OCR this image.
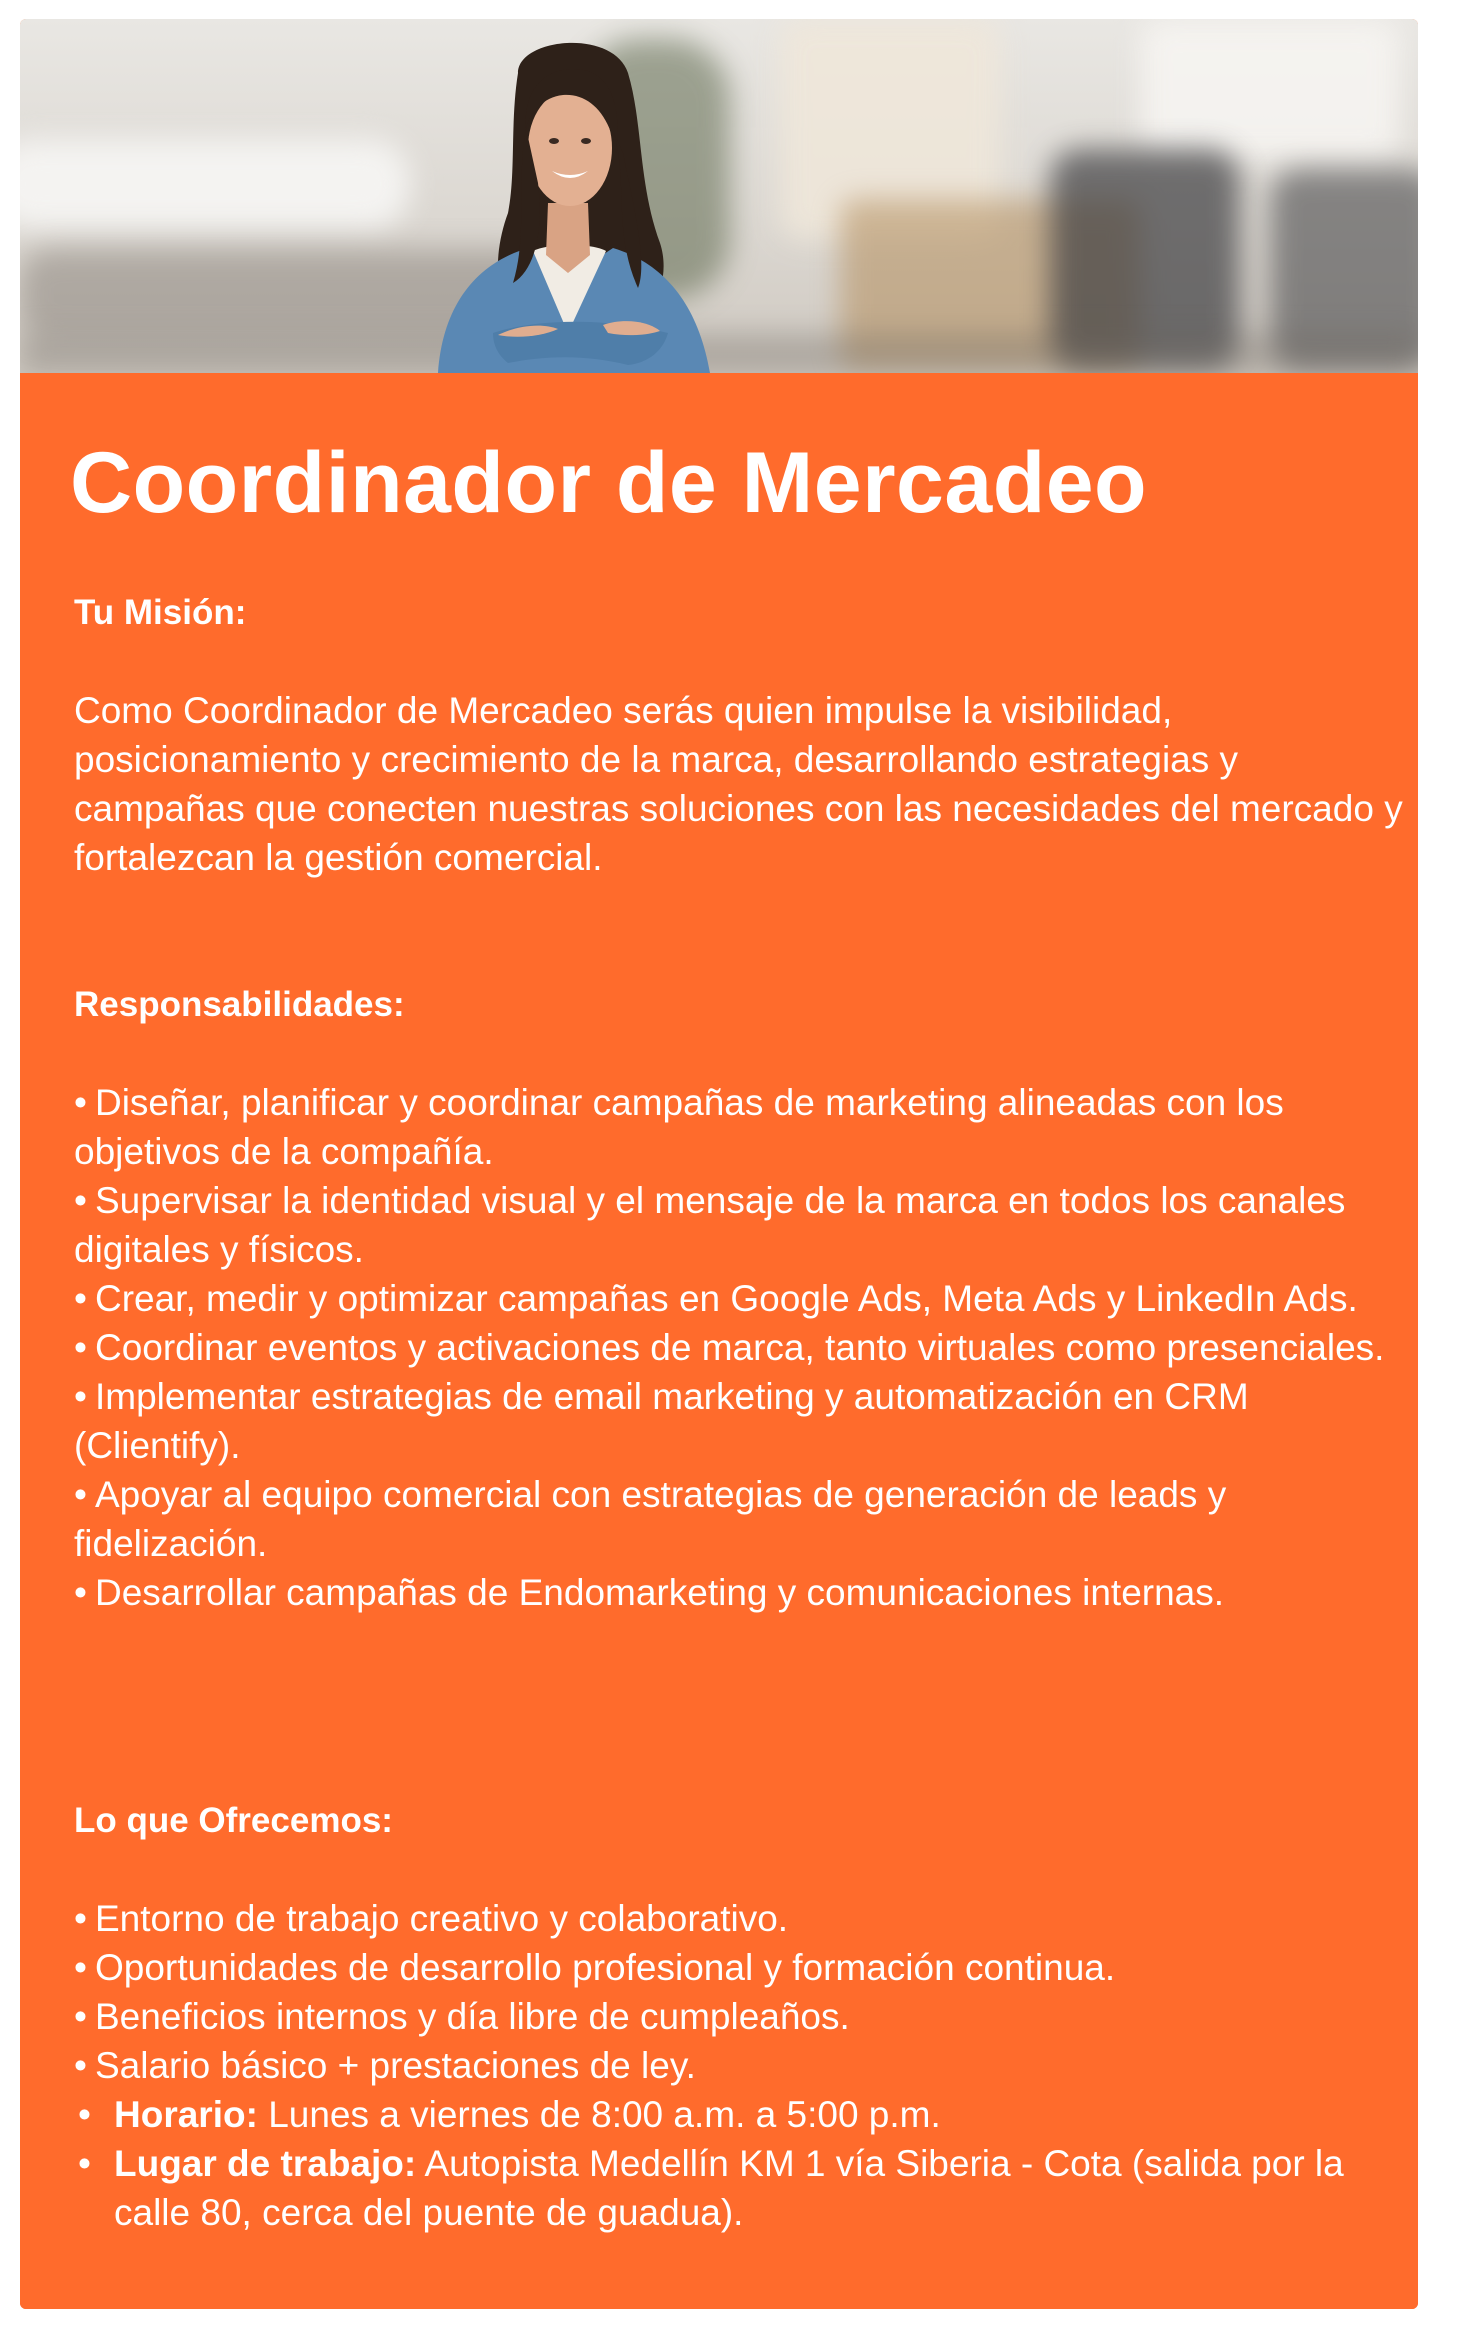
Coordinador de Mercadeo

Tu Misión:

Como Coordinador de Mercadeo serás quien impulse la visibilidad, posicionamiento y crecimiento de la marca, desarrollando estrategias y campañas que conecten nuestras soluciones con las necesidades del mercado y fortalezcan la gestión comercial.

Responsabilidades:

• Diseñar, planificar y coordinar campañas de marketing alineadas con los objetivos de la compañía.
• Supervisar la identidad visual y el mensaje de la marca en todos los canales digitales y físicos.
• Crear, medir y optimizar campañas en Google Ads, Meta Ads y LinkedIn Ads.
• Coordinar eventos y activaciones de marca, tanto virtuales como presenciales.
• Implementar estrategias de email marketing y automatización en CRM (Clientify).
• Apoyar al equipo comercial con estrategias de generación de leads y fidelización.
• Desarrollar campañas de Endomarketing y comunicaciones internas.

Lo que Ofrecemos:

• Entorno de trabajo creativo y colaborativo.
• Oportunidades de desarrollo profesional y formación continua.
• Beneficios internos y día libre de cumpleaños.
• Salario básico + prestaciones de ley.
• Horario: Lunes a viernes de 8:00 a.m. a 5:00 p.m.
• Lugar de trabajo: Autopista Medellín KM 1 vía Siberia - Cota (salida por la calle 80, cerca del puente de guadua).
